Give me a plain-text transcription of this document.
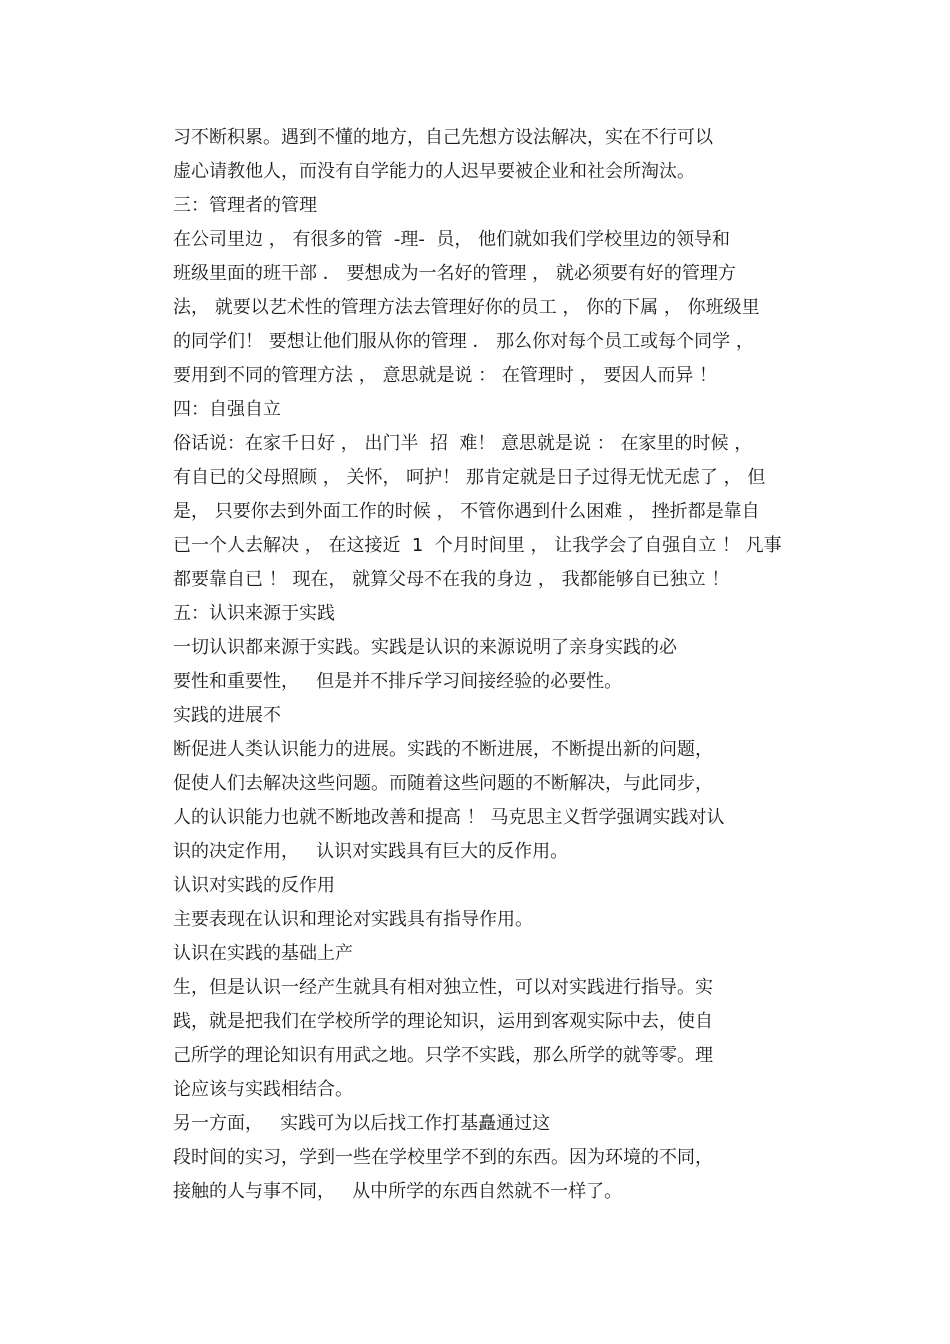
习不断积累。遇到不懂的地方，自己先想方设法解决，实在不行可以
虚心请教他人，而没有自学能力的人迟早要被企业和社会所淘汰。
三：管理者的管理
在公司里边 ， 有很多的管  -理-  员， 他们就如我们学校里边的领导和
班级里面的班干部 ． 要想成为一名好的管理 ， 就必须要有好的管理方
法， 就要以艺术性的管理方法去管理好你的员工 ， 你的下属 ， 你班级里
的同学们！ 要想让他们服从你的管理 ． 那么你对每个员工或每个同学 ，
要用到不同的管理方法 ， 意思就是说 ： 在管理时 ， 要因人而异 ！
四：自强自立
俗话说：在家千日好 ， 出门半  招  难！ 意思就是说 ： 在家里的时候 ，
有自已的父母照顾 ， 关怀， 呵护！ 那肯定就是日子过得无忧无虑了 ， 但
是， 只要你去到外面工作的时候 ， 不管你遇到什么困难 ， 挫折都是靠自
已一个人去解决 ， 在这接近  1  个月时间里 ， 让我学会了自强自立 ！ 凡事
都要靠自已 ！ 现在， 就算父母不在我的身边 ， 我都能够自已独立 ！
五：认识来源于实践
一切认识都来源于实践。实践是认识的来源说明了亲身实践的必
要性和重要性，   但是并不排斥学习间接经验的必要性。
实践的进展不
断促进人类认识能力的进展。实践的不断进展，不断提出新的问题，
促使人们去解决这些问题。而随着这些问题的不断解决，与此同步，
人的认识能力也就不断地改善和提高 ！ 马克思主义哲学强调实践对认
识的决定作用，   认识对实践具有巨大的反作用。
认识对实践的反作用
主要表现在认识和理论对实践具有指导作用。
认识在实践的基础上产
生，但是认识一经产生就具有相对独立性，可以对实践进行指导。实
践，就是把我们在学校所学的理论知识，运用到客观实际中去，使自
己所学的理论知识有用武之地。只学不实践，那么所学的就等零。理
论应该与实践相结合。
另一方面，   实践可为以后找工作打基矗通过这
段时间的实习，学到一些在学校里学不到的东西。因为环境的不同，
接触的人与事不同，   从中所学的东西自然就不一样了。
